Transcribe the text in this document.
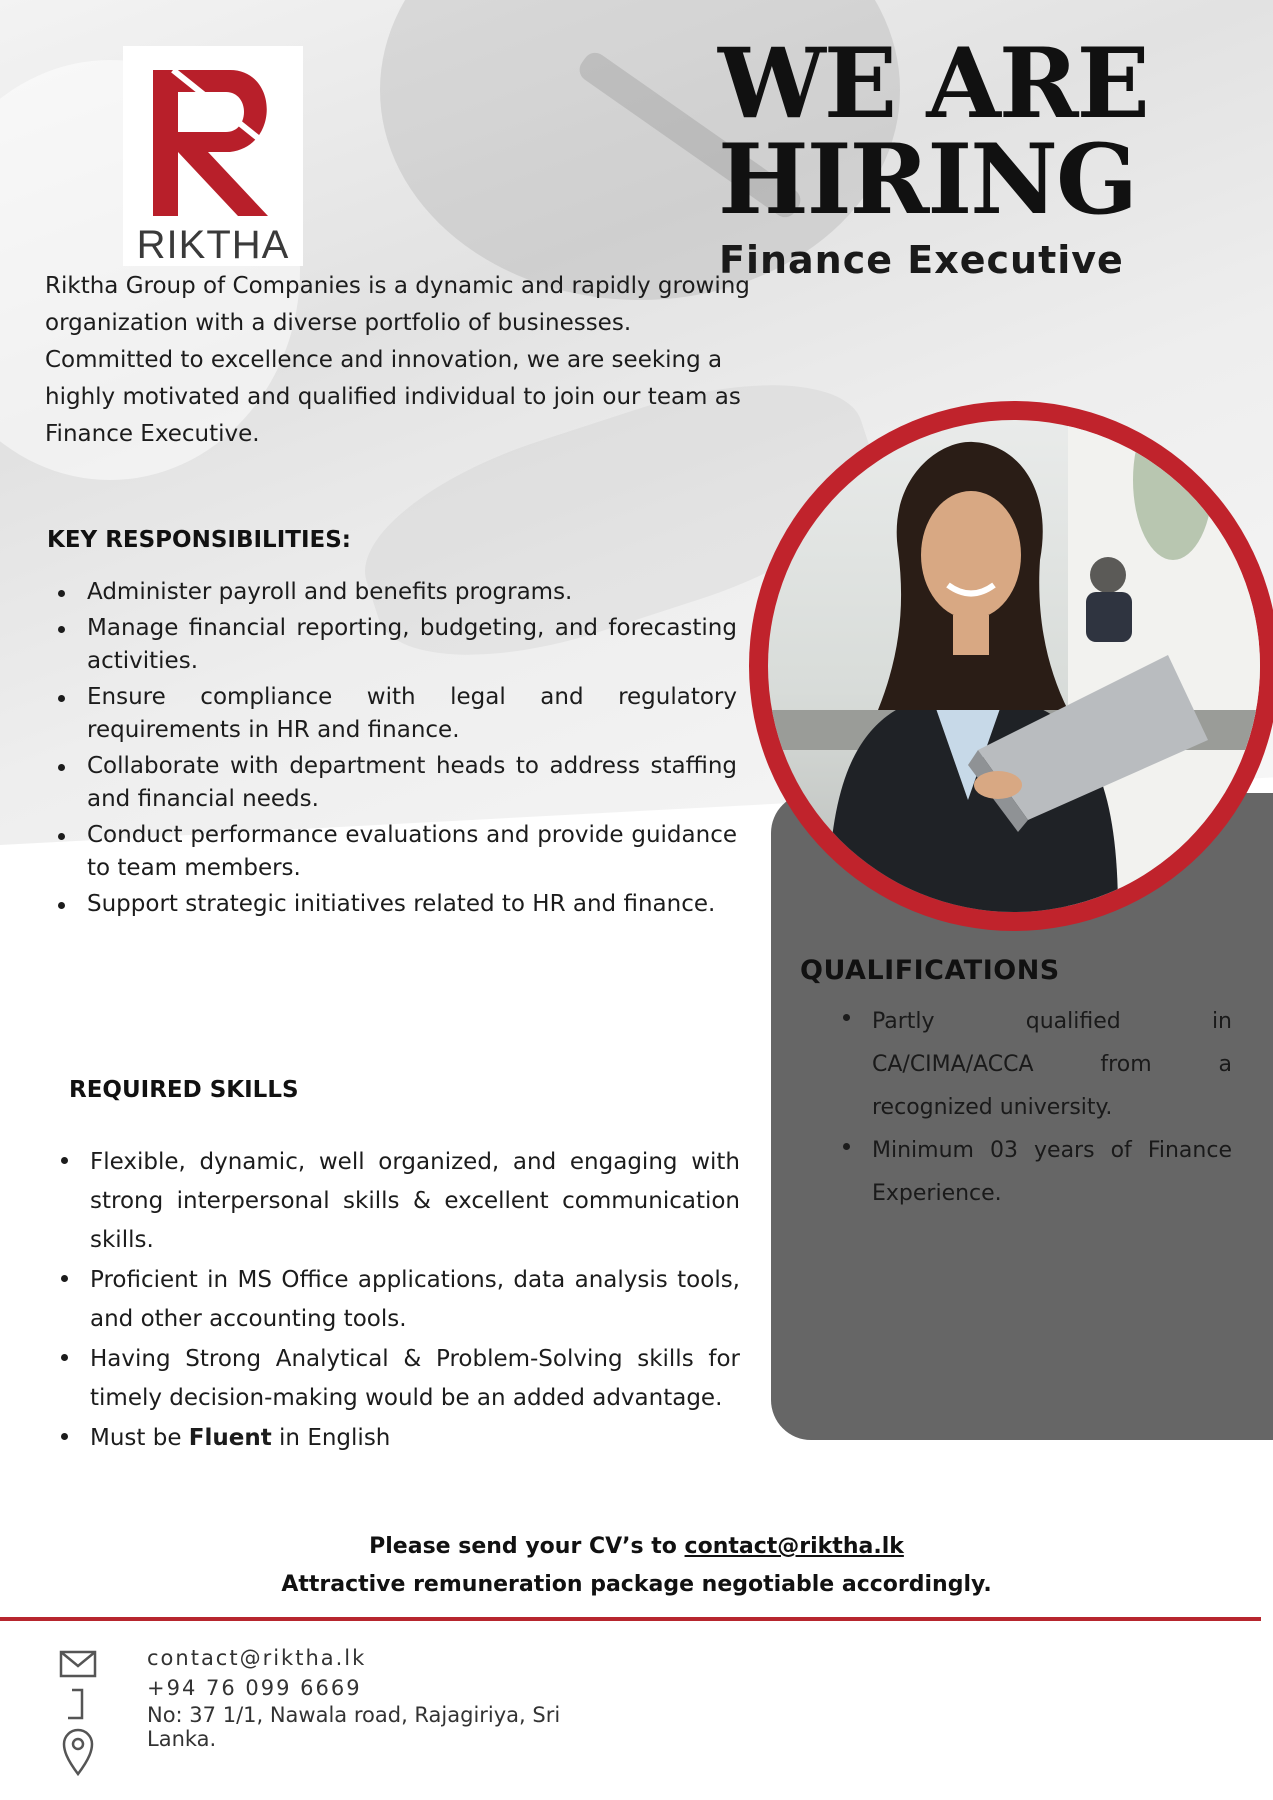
RIKTHA
WE ARE
HIRING
Finance Executive
Riktha Group of Companies is a dynamic and rapidly growing organization with a diverse portfolio of businesses. Committed to excellence and innovation, we are seeking a highly motivated and qualified individual to join our team as Finance Executive.
KEY RESPONSIBILITIES:
Administer payroll and benefits programs.
Manage financial reporting, budgeting, and forecasting activities.
Ensure compliance with legal and regulatory requirements in HR and finance.
Collaborate with department heads to address staffing and financial needs.
Conduct performance evaluations and provide guidance to team members.
Support strategic initiatives related to HR and finance.
QUALIFICATIONS
Partly qualified in CA/CIMA/ACCA from a recognized university.
Minimum 03 years of Finance Experience.
REQUIRED SKILLS
Flexible, dynamic, well organized, and engaging with strong interpersonal skills & excellent communication skills.
Proficient in MS Office applications, data analysis tools, and other accounting tools.
Having Strong Analytical & Problem-Solving skills for timely decision-making would be an added advantage.
Must be Fluent in English
Please send your CV’s to contact@riktha.lk
Attractive remuneration package negotiable accordingly.
contact@riktha.lk
+94 76 099 6669
No: 37 1/1, Nawala road, Rajagiriya, Sri Lanka.
